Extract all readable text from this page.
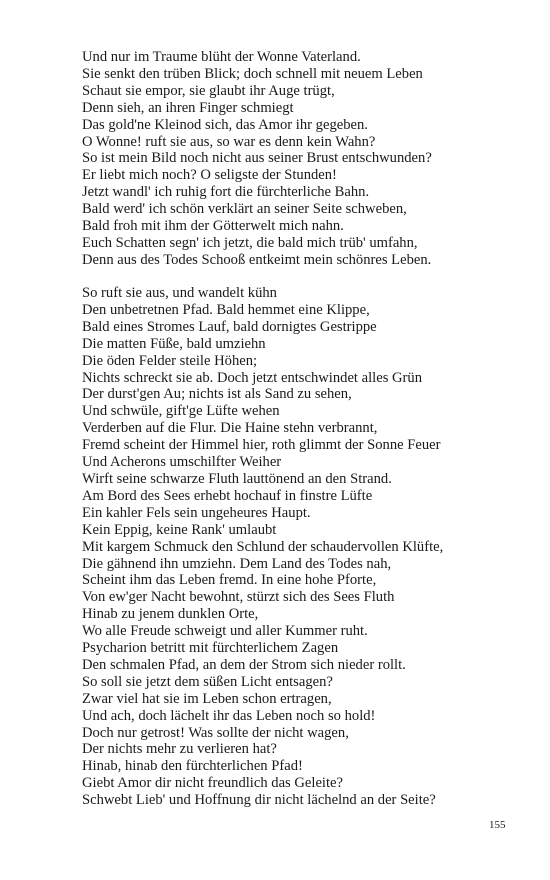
Und nur im Traume blüht der Wonne Vaterland.
Sie senkt den trüben Blick; doch schnell mit neuem Leben
Schaut sie empor, sie glaubt ihr Auge trügt,
Denn sieh, an ihren Finger schmiegt
Das gold'ne Kleinod sich, das Amor ihr gegeben.
O Wonne! ruft sie aus, so war es denn kein Wahn?
So ist mein Bild noch nicht aus seiner Brust entschwunden?
Er liebt mich noch? O seligste der Stunden!
Jetzt wandl' ich ruhig fort die fürchterliche Bahn.
Bald werd' ich schön verklärt an seiner Seite schweben,
Bald froh mit ihm der Götterwelt mich nahn.
Euch Schatten segn' ich jetzt, die bald mich trüb' umfahn,
Denn aus des Todes Schooß entkeimt mein schönres Leben.
So ruft sie aus, und wandelt kühn
Den unbetretnen Pfad. Bald hemmet eine Klippe,
Bald eines Stromes Lauf, bald dornigtes Gestrippe
Die matten Füße, bald umziehn
Die öden Felder steile Höhen;
Nichts schreckt sie ab. Doch jetzt entschwindet alles Grün
Der durst'gen Au; nichts ist als Sand zu sehen,
Und schwüle, gift'ge Lüfte wehen
Verderben auf die Flur. Die Haine stehn verbrannt,
Fremd scheint der Himmel hier, roth glimmt der Sonne Feuer
Und Acherons umschilfter Weiher
Wirft seine schwarze Fluth lauttönend an den Strand.
Am Bord des Sees erhebt hochauf in finstre Lüfte
Ein kahler Fels sein ungeheures Haupt.
Kein Eppig, keine Rank' umlaubt
Mit kargem Schmuck den Schlund der schaudervollen Klüfte,
Die gähnend ihn umziehn. Dem Land des Todes nah,
Scheint ihm das Leben fremd. In eine hohe Pforte,
Von ew'ger Nacht bewohnt, stürzt sich des Sees Fluth
Hinab zu jenem dunklen Orte,
Wo alle Freude schweigt und aller Kummer ruht.
Psycharion betritt mit fürchterlichem Zagen
Den schmalen Pfad, an dem der Strom sich nieder rollt.
So soll sie jetzt dem süßen Licht entsagen?
Zwar viel hat sie im Leben schon ertragen,
Und ach, doch lächelt ihr das Leben noch so hold!
Doch nur getrost! Was sollte der nicht wagen,
Der nichts mehr zu verlieren hat?
Hinab, hinab den fürchterlichen Pfad!
Giebt Amor dir nicht freundlich das Geleite?
Schwebt Lieb' und Hoffnung dir nicht lächelnd an der Seite?
155
